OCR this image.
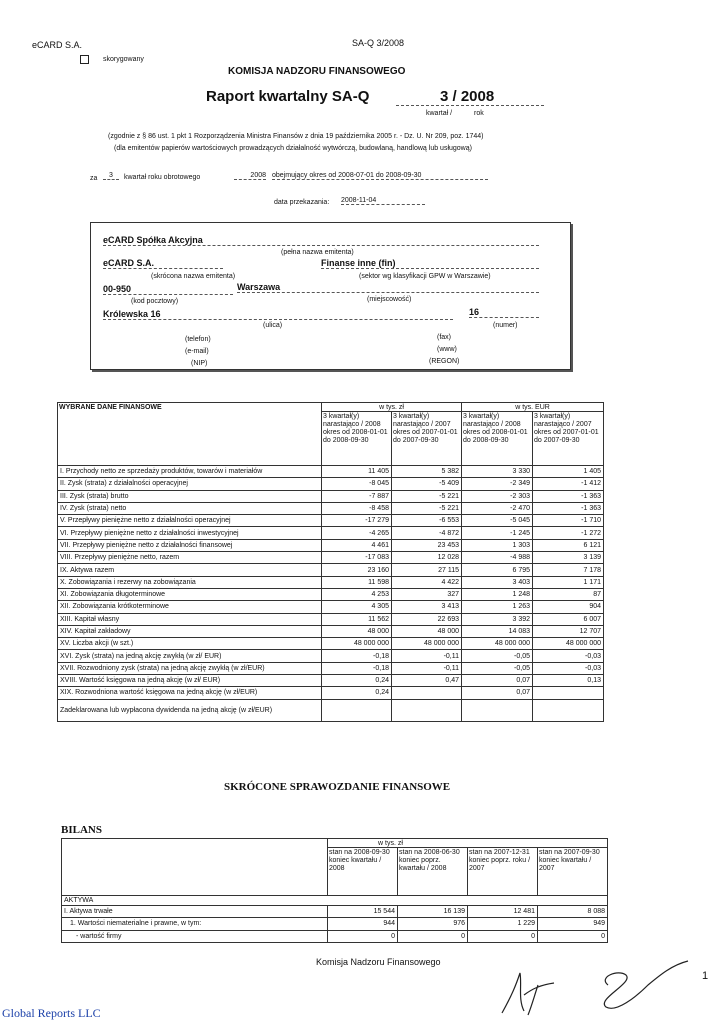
eCARD S.A.	SA-Q 3/2008
skorygowany
KOMISJA NADZORU FINANSOWEGO
Raport kwartalny SA-Q	3 / 2008
kwartał /	rok
(zgodnie z § 86 ust. 1 pkt 1 Rozporządzenia Ministra Finansów z dnia 19 października 2005 r. - Dz. U. Nr 209, poz. 1744)
(dla emitentów papierów wartościowych prowadzących działalność wytwórczą, budowlaną, handlową lub usługową)
za	3	kwartał roku obrotowego	2008 obejmujący okres od 2008-07-01 do 2008-09-30
data przekazania: 2008-11-04
eCARD Spółka Akcyjna
(pełna nazwa emitenta)
eCARD S.A.	Finanse inne (fin)
(skrócona nazwa emitenta)	(sektor wg klasyfikacji GPW w Warszawie)
00-950	Warszawa
(kod pocztowy)	(miejscowość)
Królewska 16	16
(ulica)	(numer)
(telefon)	(fax)
(e-mail)	(www)
(NIP)	(REGON)
WYBRANE DANE FINANSOWE	w tys. zł		w tys. EUR	
	3 kwartał(y) narastająco / 2008 okres od 2008-01-01 do 2008-09-30	3 kwartał(y) narastająco / 2007 okres od 2007-01-01 do 2007-09-30	3 kwartał(y) narastająco / 2008 okres od 2008-01-01 do 2008-09-30	3 kwartał(y) narastająco / 2007 okres od 2007-01-01 do 2007-09-30
I. Przychody netto ze sprzedaży produktów, towarów i materiałów	11 405	5 382	3 330	1 405
II. Zysk (strata) z działalności operacyjnej	-8 045	-5 409	-2 349	-1 412
III. Zysk (strata) brutto	-7 887	-5 221	-2 303	-1 363
IV. Zysk (strata) netto	-8 458	-5 221	-2 470	-1 363
V. Przepływy pieniężne netto z działalności operacyjnej	-17 279	-6 553	-5 045	-1 710
VI. Przepływy pieniężne netto z działalności inwestycyjnej	-4 265	-4 872	-1 245	-1 272
VII. Przepływy pieniężne netto z działalności finansowej	4 461	23 453	1 303	6 121
VIII. Przepływy pieniężne netto, razem	-17 083	12 028	-4 988	3 139
IX. Aktywa razem	23 160	27 115	6 795	7 178
X. Zobowiązania i rezerwy na zobowiązania	11 598	4 422	3 403	1 171
XI. Zobowiązania długoterminowe	4 253	327	1 248	87
XII. Zobowiązania krótkoterminowe	4 305	3 413	1 263	904
XIII. Kapitał własny	11 562	22 693	3 392	6 007
XIV. Kapitał zakładowy	48 000	48 000	14 083	12 707
XV. Liczba akcji (w szt.)	48 000 000	48 000 000	48 000 000	48 000 000
XVI. Zysk (strata) na jedną akcję zwykłą (w zł/ EUR)	-0,18	-0,11	-0,05	-0,03
XVII. Rozwodniony zysk (strata) na jedną akcję zwykłą (w zł/EUR)	-0,18	-0,11	-0,05	-0,03
XVIII. Wartość księgowa na jedną akcję (w zł/ EUR)	0,24	0,47	0,07	0,13
XIX. Rozwodniona wartość księgowa na jedną akcję (w zł/EUR)	0,24		0,07	
Zadeklarowana lub wypłacona dywidenda na jedną akcję (w zł/EUR)				
SKRÓCONE SPRAWOZDANIE FINANSOWE
BILANS
	w tys. zł			
	stan na 2008-09-30 koniec kwartału / 2008	stan na 2008-06-30 koniec poprz. kwartału / 2008	stan na 2007-12-31 koniec poprz. roku / 2007	stan na 2007-09-30 koniec kwartału / 2007
AKTYWA				
I. Aktywa trwałe	15 544	16 139	12 481	8 088
1. Wartości niematerialne i prawne, w tym:	944	976	1 229	949
- wartość firmy	0	0	0	0
Komisja Nadzoru Finansowego
1
Global Reports LLC
